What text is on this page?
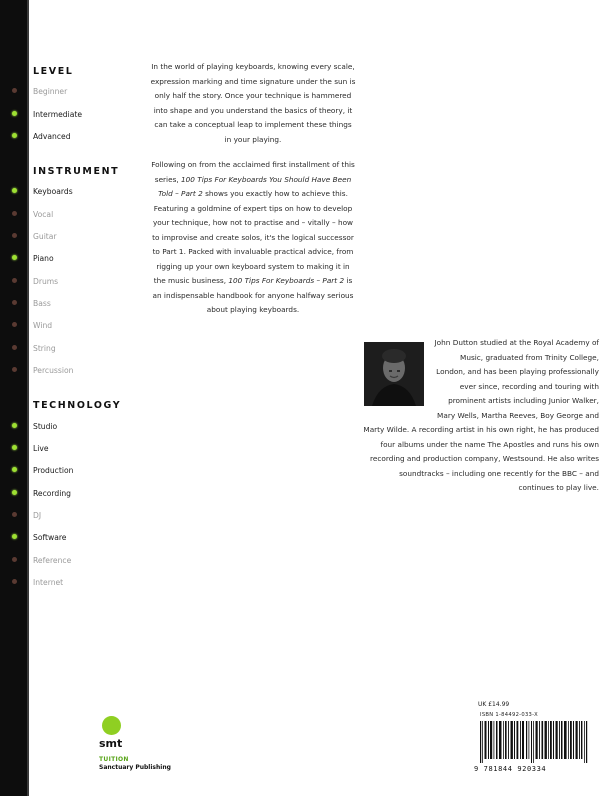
LEVEL
Beginner
Intermediate
Advanced
INSTRUMENT
Keyboards
Vocal
Guitar
Piano
Drums
Bass
Wind
String
Percussion
TECHNOLOGY
Studio
Live
Production
Recording
DJ
Software
Reference
Internet

In the world of playing keyboards, knowing every scale, expression marking and time signature under the sun is only half the story. Once your technique is hammered into shape and you understand the basics of theory, it can take a conceptual leap to implement these things in your playing.

Following on from the acclaimed first installment of this series, 100 Tips For Keyboards You Should Have Been Told – Part 2 shows you exactly how to achieve this. Featuring a goldmine of expert tips on how to develop your technique, how not to practise and – vitally – how to improvise and create solos, it's the logical successor to Part 1. Packed with invaluable practical advice, from rigging up your own keyboard system to making it in the music business, 100 Tips For Keyboards – Part 2 is an indispensable handbook for anyone halfway serious about playing keyboards.

John Dutton studied at the Royal Academy of Music, graduated from Trinity College, London, and has been playing professionally ever since, recording and touring with prominent artists including Junior Walker, Mary Wells, Martha Reeves, Boy George and Marty Wilde. A recording artist in his own right, he has produced four albums under the name The Apostles and runs his own recording and production company, Westsound. He also writes soundtracks – including one recently for the BBC – and continues to play live.
smt
TUITION
Sanctuary Publishing
UK £14.99
ISBN 1-84492-033-X
9 781844 920334
